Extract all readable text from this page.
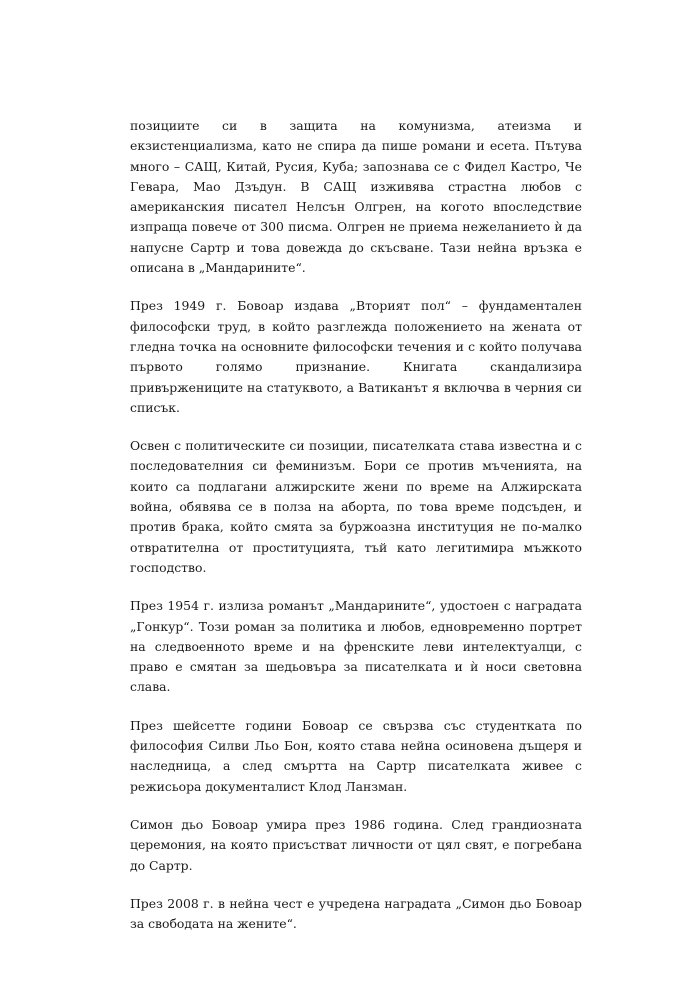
позициите си в защита на комунизма, атеизма и екзистенциализма, като не спира да пише романи и есета. Пътува много – САЩ, Китай, Русия, Куба; запознава се с Фидел Кастро, Че Гевара, Мао Дзъдун. В САЩ изживява страстна любов с американския писател Нелсън Олгрен, на когото впоследствие изпраща повече от 300 писма. Олгрен не приема нежеланието ѝ да напусне Сартр и това довежда до скъсване. Тази нейна връзка е описана в „Мандарините“.

През 1949 г. Бовоар издава „Вторият пол“ – фундаментален философски труд, в който разглежда положението на жената от гледна точка на основните философски течения и с който получава първото голямо признание. Книгата скандализира привържениците на статуквото, а Ватиканът я включва в черния си списък.

Освен с политическите си позиции, писателката става известна и с последователния си феминизъм. Бори се против мъченията, на които са подлагани алжирските жени по време на Алжирската война, обявява се в полза на аборта, по това време подсъден, и против брака, който смята за буржоазна институция не по-малко отвратителна от проституцията, тъй като легитимира мъжкото господство.

През 1954 г. излиза романът „Мандарините“, удостоен с наградата „Гонкур“. Този роман за политика и любов, едновременно портрет на следвоенното време и на френските леви интелектуалци, с право е смятан за шедьовъра за писателката и ѝ носи световна слава.

През шейсетте години Бовоар се свързва със студентката по философия Силви Льо Бон, която става нейна осиновена дъщеря и наследница, а след смъртта на Сартр писателката живее с режисьора документалист Клод Ланзман.

Симон дьо Бовоар умира през 1986 година. След грандиозната церемония, на която присъстват личности от цял свят, е погребана до Сартр.

През 2008 г. в нейна чест е учредена наградата „Симон дьо Бовоар за свободата на жените“.
